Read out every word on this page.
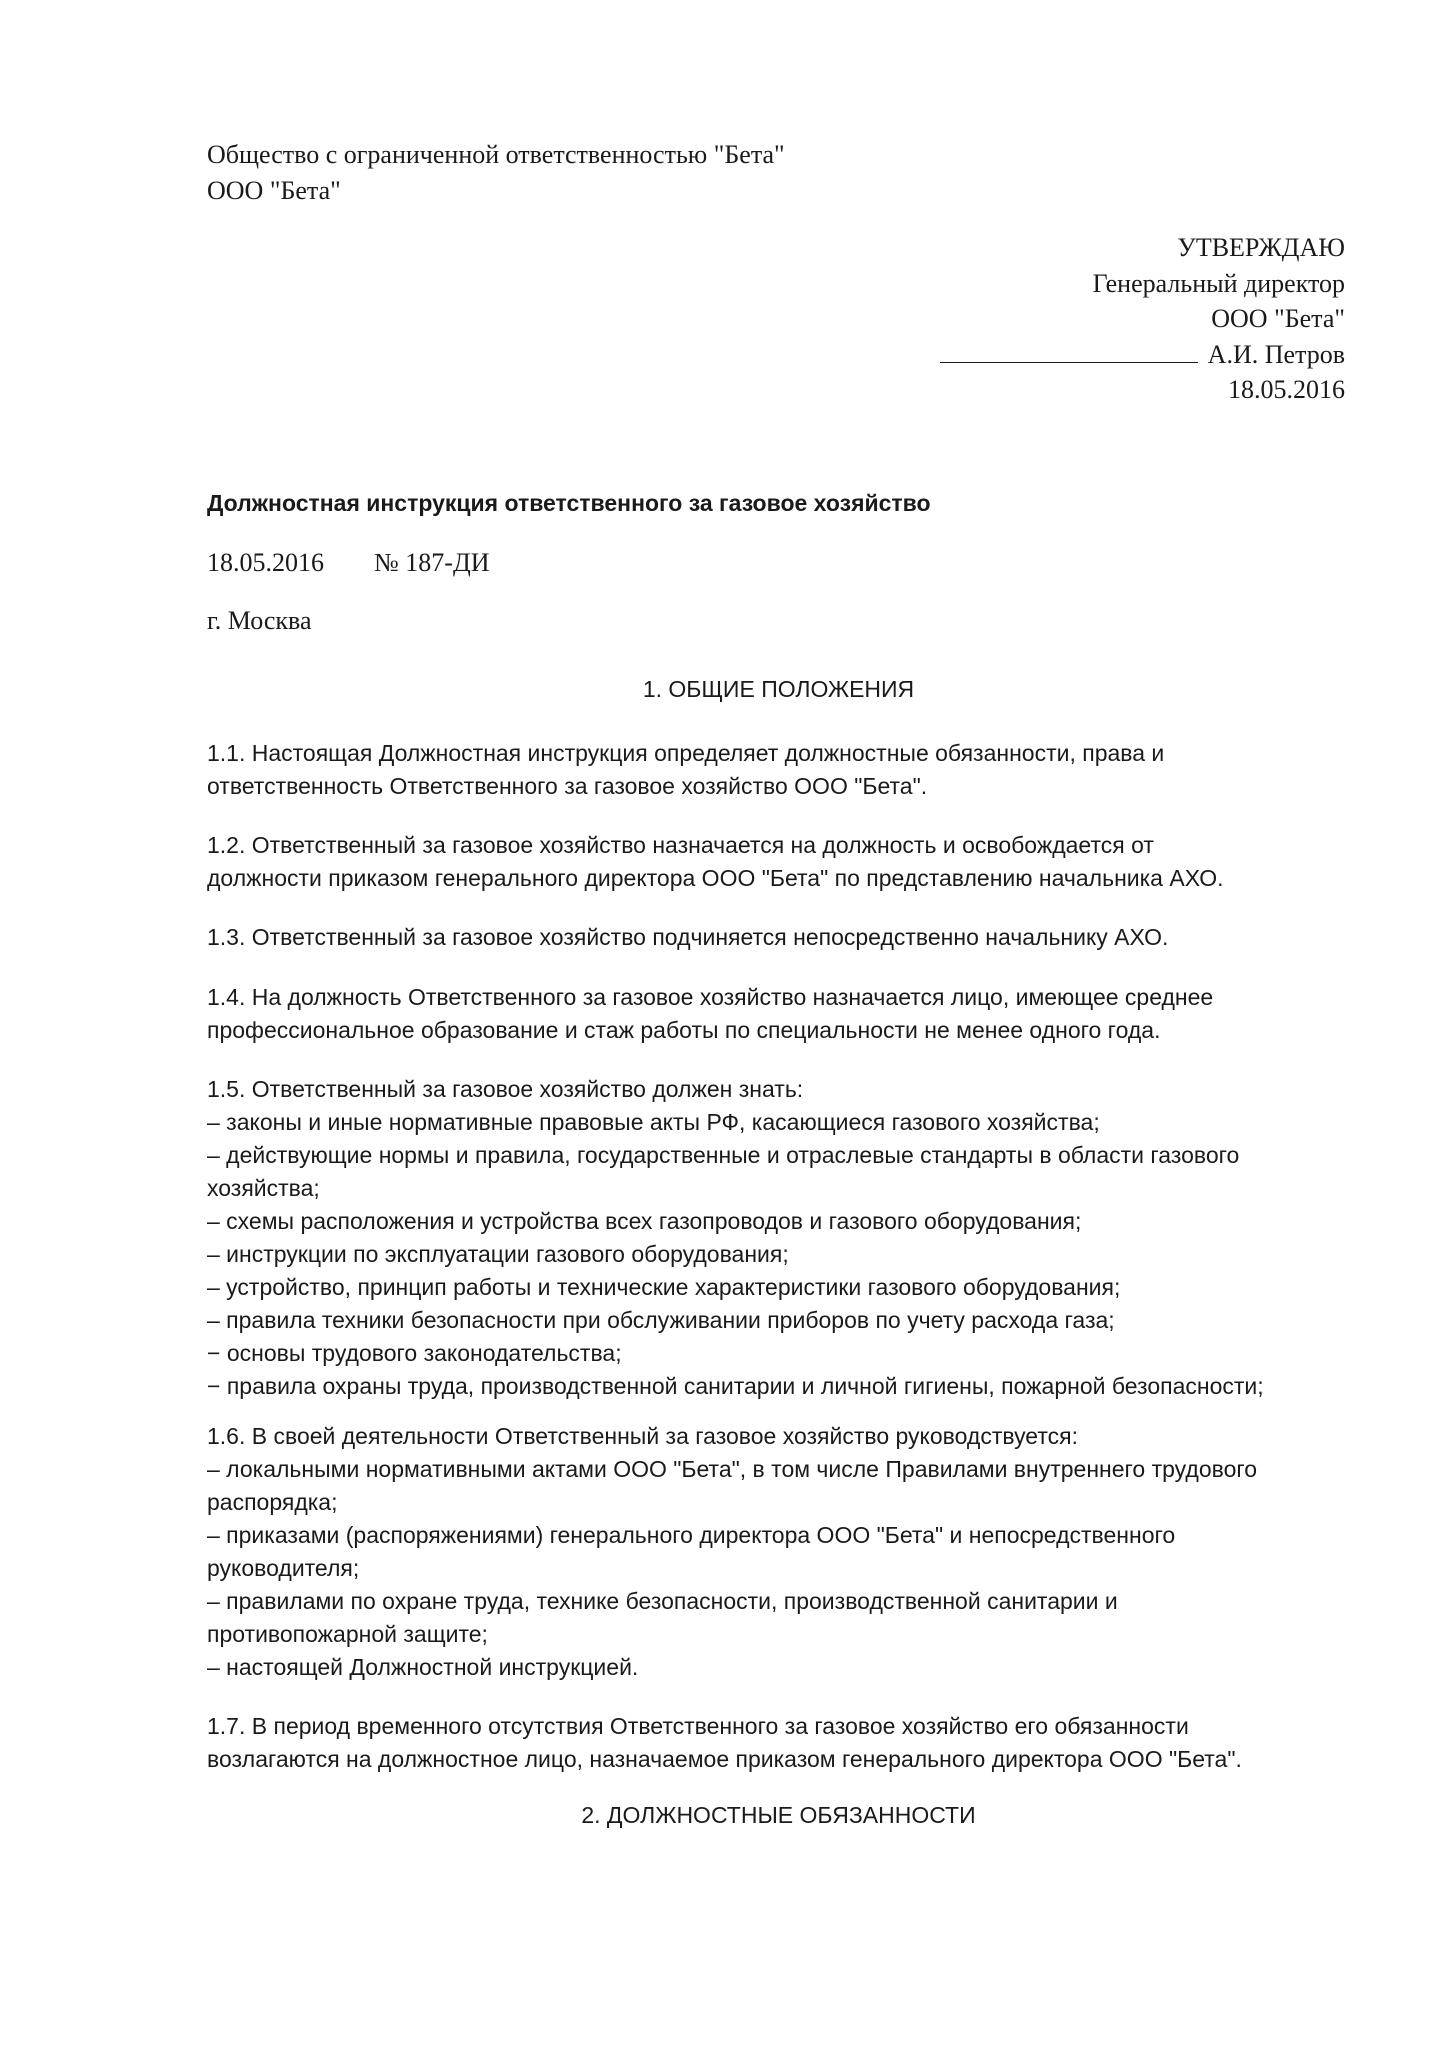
Общество с ограниченной ответственностью "Бета"
ООО "Бета"
УТВЕРЖДАЮ
Генеральный директор
ООО "Бета"
А.И. Петров
18.05.2016
Должностная инструкция ответственного за газовое хозяйство
18.05.2016 № 187-ДИ
г. Москва
1. ОБЩИЕ ПОЛОЖЕНИЯ
1.1. Настоящая Должностная инструкция определяет должностные обязанности, права и
ответственность Ответственного за газовое хозяйство ООО "Бета".
1.2. Ответственный за газовое хозяйство назначается на должность и освобождается от
должности приказом генерального директора ООО "Бета" по представлению начальника АХО.
1.3. Ответственный за газовое хозяйство подчиняется непосредственно начальнику АХО.
1.4. На должность Ответственного за газовое хозяйство назначается лицо, имеющее среднее
профессиональное образование и стаж работы по специальности не менее одного года.
1.5. Ответственный за газовое хозяйство должен знать:
– законы и иные нормативные правовые акты РФ, касающиеся газового хозяйства;
– действующие нормы и правила, государственные и отраслевые стандарты в области газового
хозяйства;
– схемы расположения и устройства всех газопроводов и газового оборудования;
– инструкции по эксплуатации газового оборудования;
– устройство, принцип работы и технические характеристики газового оборудования;
– правила техники безопасности при обслуживании приборов по учету расхода газа;
− основы трудового законодательства;
− правила охраны труда, производственной санитарии и личной гигиены, пожарной безопасности;
1.6. В своей деятельности Ответственный за газовое хозяйство руководствуется:
– локальными нормативными актами ООО "Бета", в том числе Правилами внутреннего трудового
распорядка;
– приказами (распоряжениями) генерального директора ООО "Бета" и непосредственного
руководителя;
– правилами по охране труда, технике безопасности, производственной санитарии и
противопожарной защите;
– настоящей Должностной инструкцией.
1.7. В период временного отсутствия Ответственного за газовое хозяйство его обязанности
возлагаются на должностное лицо, назначаемое приказом генерального директора ООО "Бета".
2. ДОЛЖНОСТНЫЕ ОБЯЗАННОСТИ
